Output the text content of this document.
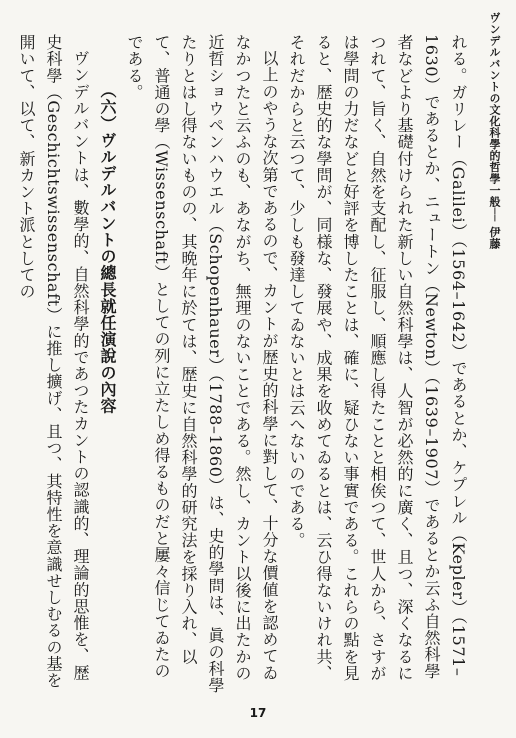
ヴンデルバントの文化科學的哲學一般── 伊藤

れる。ガリレー（Galilei）（1564–1642）であるとか、ケプレル（Kepler）（1571–1630）であるとか、ニュートン（Newton）（1639–1907）であるとか云ふ自然科學者などより基礎付けられた新しい自然科學は、人智が必然的に廣く、且つ、深くなるにつれて、旨く、自然を支配し、征服し、順應し得たことと相俟つて、世人から、さすがは學問の力だなどと好評を博したことは、確に、疑ひない事實である。これらの點を見ると、歴史的な學問が、同様な、發展や、成果を收めてゐるとは、云ひ得ないけれ共、それだからと云つて、少しも發達してゐないとは云へないのである。

以上のやうな次第であるので、カントが歴史的科學に對して、十分な價値を認めてゐなかつたと云ふのも、あながち、無理のないことである。然し、カント以後に出たかの近哲ショウペンハウエル（Schopenhauer）（1788–1860）は、史的學問は、眞の科學たりとはし得ないものの、其晩年に於ては、歴史に自然科學的研究法を採り入れ、以て、普通の學（Wissenschaft）としての列に立たしめ得るものだと屢々信じてゐたのである。

（六）ヴルデルバントの總長就任演說の內容

ヴンデルバントは、數學的、自然科學的であつたカントの認識的、理論的思惟を、歴史科學（Geschichtswissenschaft）に推し擴げ、且つ、其特性を意識せしむるの基を開いて、以て、新カント派としての

17
